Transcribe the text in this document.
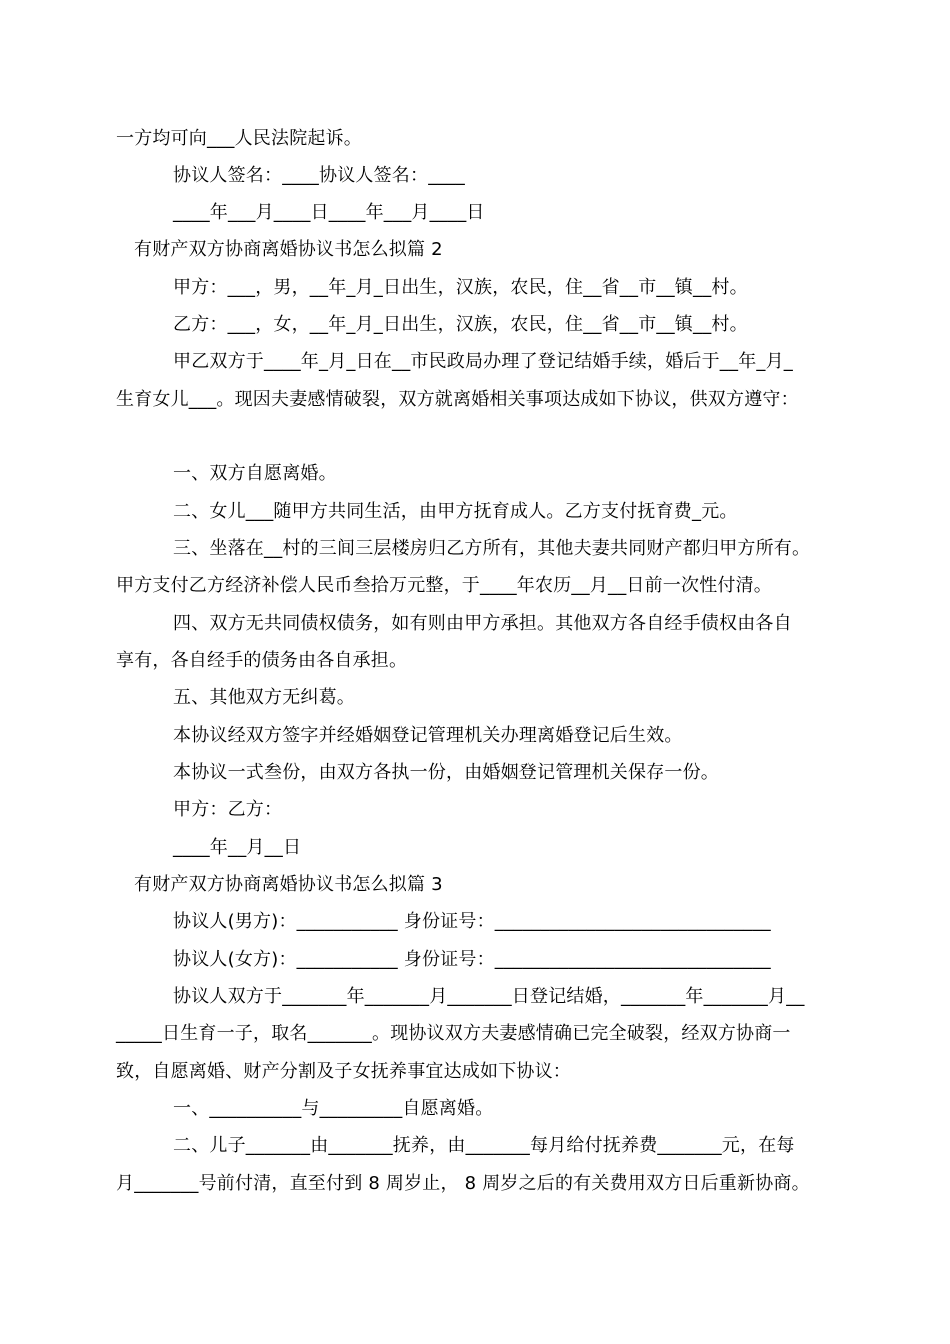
一方均可向___人民法院起诉。
协议人签名：____协议人签名：____
____年___月____日____年___月____日
有财产双方协商离婚协议书怎么拟篇 2
甲方：___，男，__年_月_日出生，汉族，农民，住__省__市__镇__村。
乙方：___，女，__年_月_日出生，汉族，农民，住__省__市__镇__村。
甲乙双方于____年_月_日在__市民政局办理了登记结婚手续，婚后于__年_月_
生育女儿___。现因夫妻感情破裂，双方就离婚相关事项达成如下协议，供双方遵守：
一、双方自愿离婚。
二、女儿___随甲方共同生活，由甲方抚育成人。乙方支付抚育费_元。
三、坐落在__村的三间三层楼房归乙方所有，其他夫妻共同财产都归甲方所有。
甲方支付乙方经济补偿人民币叁拾万元整，于____年农历__月__日前一次性付清。
四、双方无共同债权债务，如有则由甲方承担。其他双方各自经手债权由各自
享有，各自经手的债务由各自承担。
五、其他双方无纠葛。
本协议经双方签字并经婚姻登记管理机关办理离婚登记后生效。
本协议一式叁份，由双方各执一份，由婚姻登记管理机关保存一份。
甲方：乙方：
____年__月__日
有财产双方协商离婚协议书怎么拟篇 3
协议人(男方)：___________ 身份证号：______________________________
协议人(女方)：___________ 身份证号：______________________________
协议人双方于_______年_______月_______日登记结婚，_______年_______月__
_____日生育一子，取名_______。现协议双方夫妻感情确已完全破裂，经双方协商一
致，自愿离婚、财产分割及子女抚养事宜达成如下协议：
一、__________与_________自愿离婚。
二、儿子_______由_______抚养，由_______每月给付抚养费_______元，在每
月_______号前付清，直至付到 8 周岁止， 8 周岁之后的有关费用双方日后重新协商。
